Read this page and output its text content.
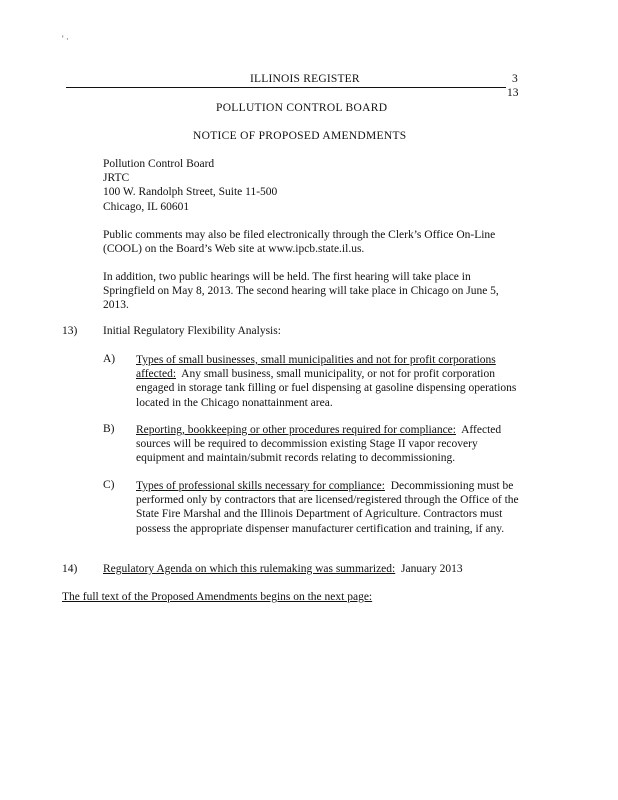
' ·
ILLINOIS REGISTER	3
13
POLLUTION CONTROL BOARD
NOTICE OF PROPOSED AMENDMENTS
Pollution Control Board
JRTC
100 W. Randolph Street, Suite 11-500
Chicago, IL 60601

Public comments may also be filed electronically through the Clerk’s Office On-Line (COOL) on the Board’s Web site at www.ipcb.state.il.us.

In addition, two public hearings will be held. The first hearing will take place in Springfield on May 8, 2013. The second hearing will take place in Chicago on June 5, 2013.

13) Initial Regulatory Flexibility Analysis:
A) Types of small businesses, small municipalities and not for profit corporations affected: Any small business, small municipality, or not for profit corporation engaged in storage tank filling or fuel dispensing at gasoline dispensing operations located in the Chicago nonattainment area.

B) Reporting, bookkeeping or other procedures required for compliance: Affected sources will be required to decommission existing Stage II vapor recovery equipment and maintain/submit records relating to decommissioning.

C) Types of professional skills necessary for compliance: Decommissioning must be performed only by contractors that are licensed/registered through the Office of the State Fire Marshal and the Illinois Department of Agriculture. Contractors must possess the appropriate dispenser manufacturer certification and training, if any.

14) Regulatory Agenda on which this rulemaking was summarized: January 2013
The full text of the Proposed Amendments begins on the next page:
